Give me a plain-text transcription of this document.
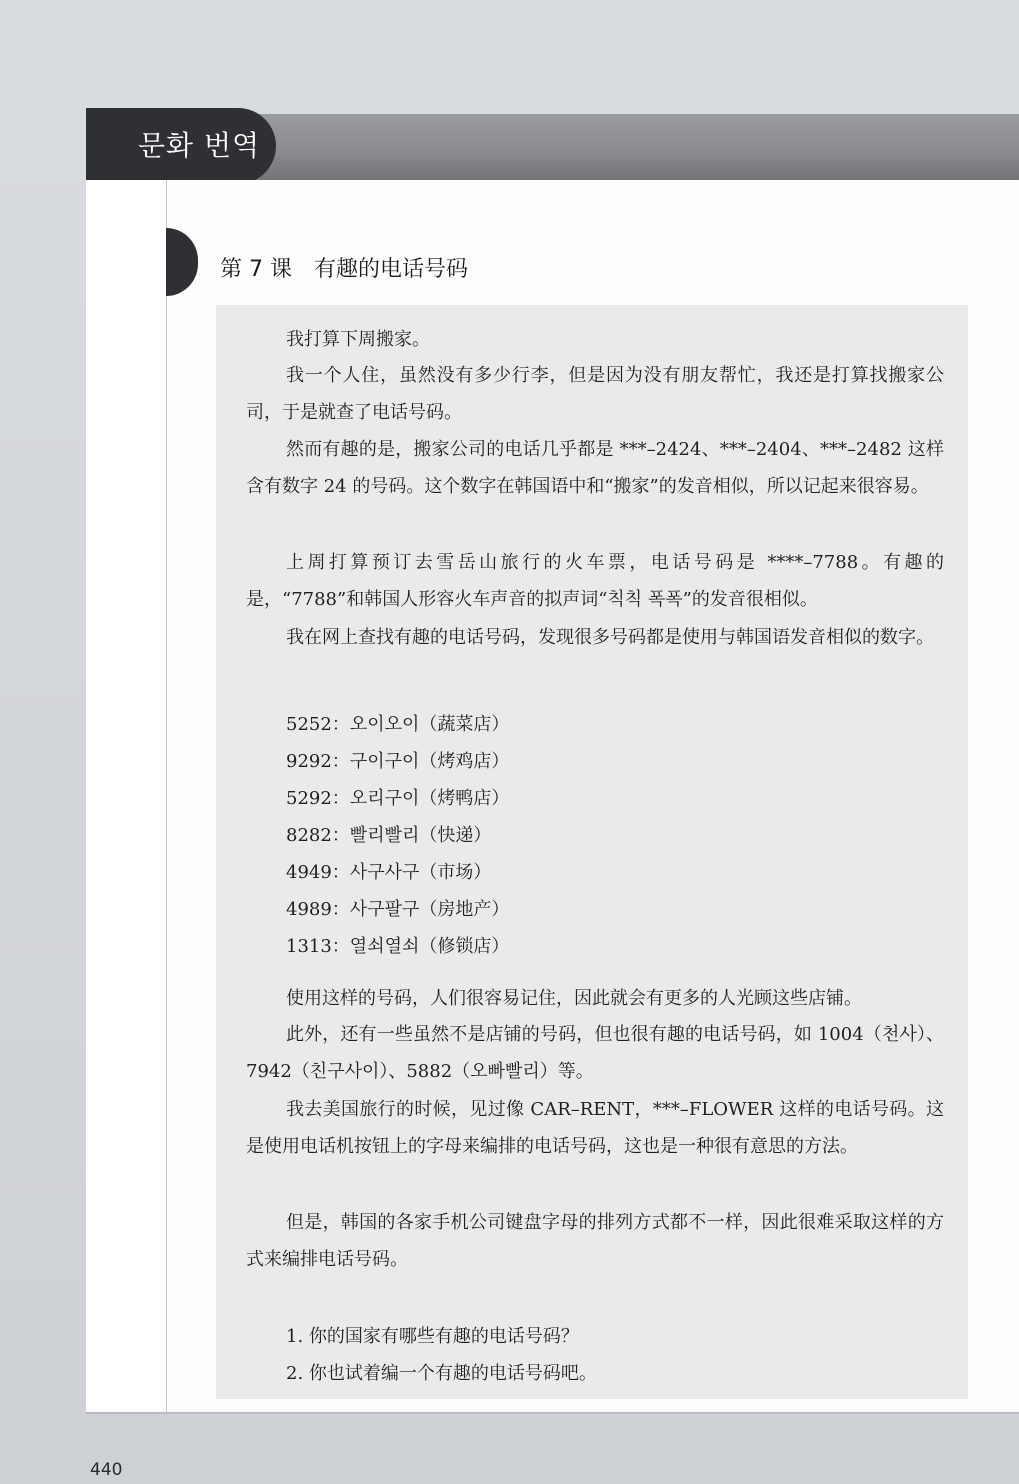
문화 번역
第 7 课 有趣的电话号码
我打算下周搬家。
我一个人住，虽然没有多少行李，但是因为没有朋友帮忙，我还是打算找搬家公司，于是就查了电话号码。
然而有趣的是，搬家公司的电话几乎都是 ***–2424、***–2404、***–2482 这样含有数字 24 的号码。这个数字在韩国语中和“搬家”的发音相似，所以记起来很容易。
上周打算预订去雪岳山旅行的火车票，电话号码是 ****–7788。有趣的是，“7788”和韩国人形容火车声音的拟声词“칙칙 폭폭”的发音很相似。
我在网上查找有趣的电话号码，发现很多号码都是使用与韩国语发音相似的数字。
5252：오이오이（蔬菜店）
9292：구이구이（烤鸡店）
5292：오리구이（烤鸭店）
8282：빨리빨리（快递）
4949：사구사구（市场）
4989：사구팔구（房地产）
1313：열쇠열쇠（修锁店）
使用这样的号码，人们很容易记住，因此就会有更多的人光顾这些店铺。
此外，还有一些虽然不是店铺的号码，但也很有趣的电话号码，如 1004（천사）、7942（친구사이）、5882（오빠빨리）等。
我去美国旅行的时候，见过像 CAR–RENT，***–FLOWER 这样的电话号码。这是使用电话机按钮上的字母来编排的电话号码，这也是一种很有意思的方法。
但是，韩国的各家手机公司键盘字母的排列方式都不一样，因此很难采取这样的方式来编排电话号码。
1. 你的国家有哪些有趣的电话号码？
2. 你也试着编一个有趣的电话号码吧。
440
